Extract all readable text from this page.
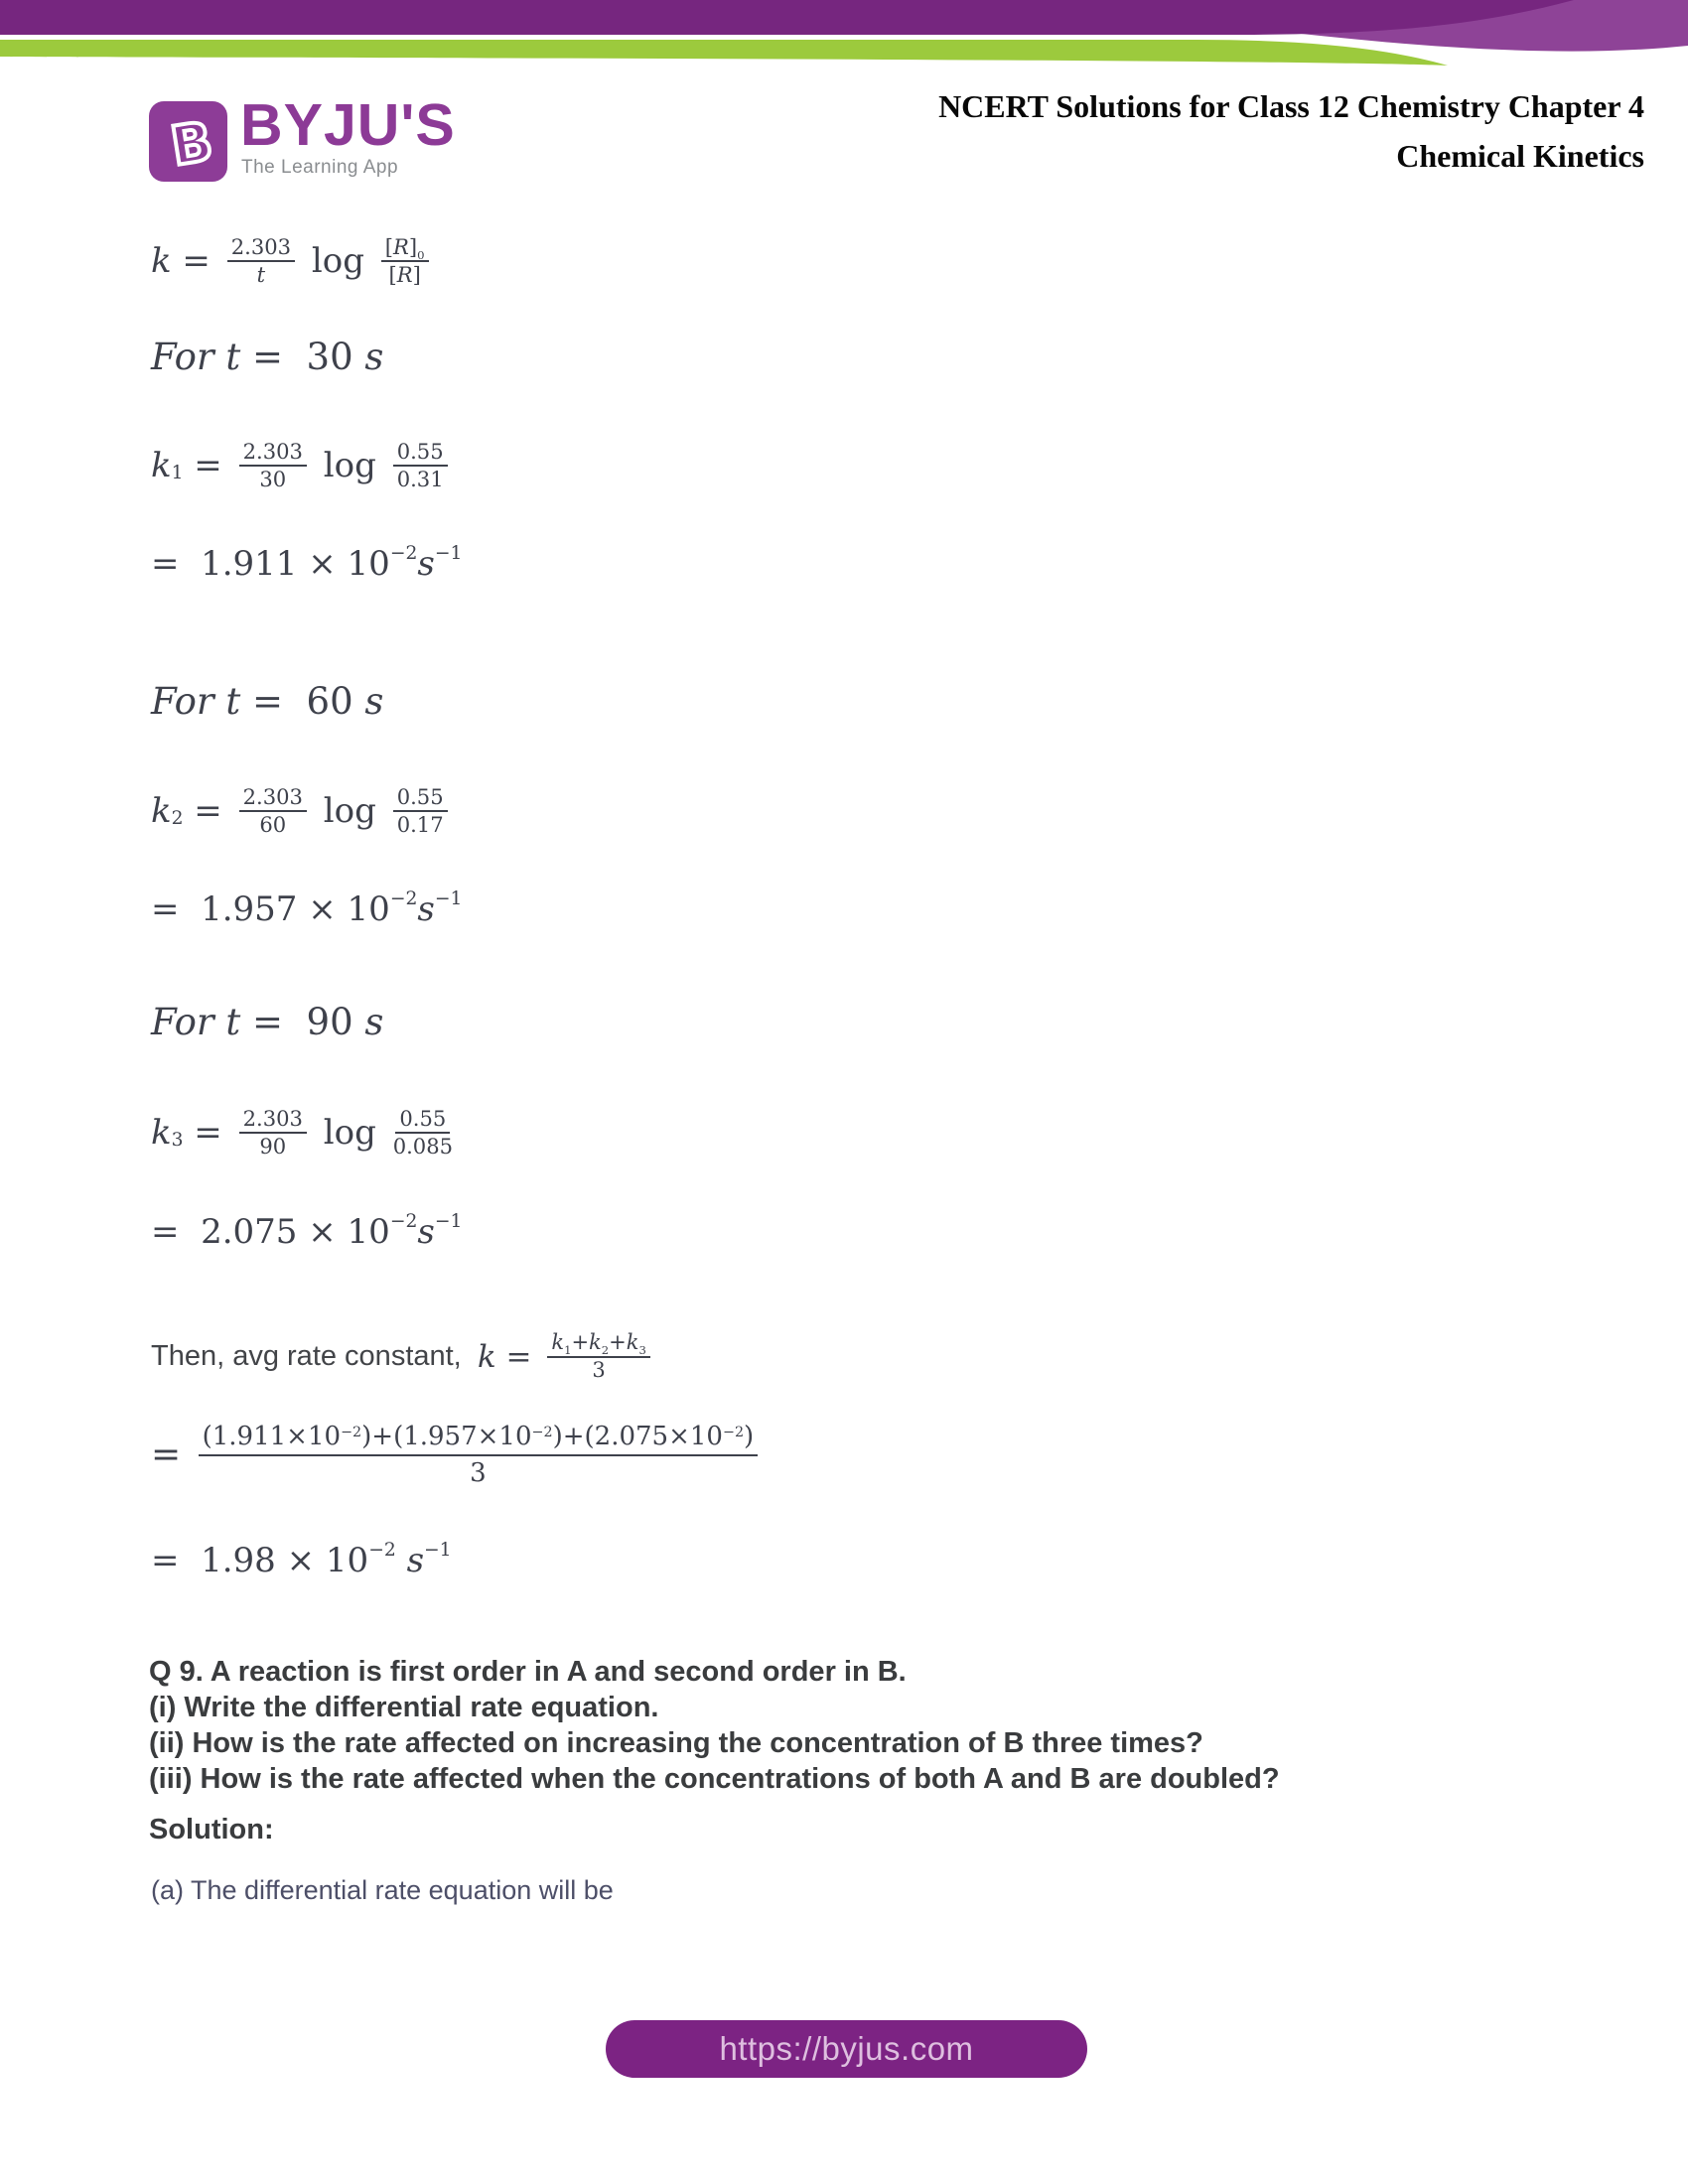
B BYJU'S
The Learning App
NCERT Solutions for Class 12 Chemistry Chapter 4
Chemical Kinetics
$k = \frac{2.303}{t}$ $\log \frac{[R]_0}{[R]}$
For t = 30 s
k $1 = \frac{2.303}{30}$ $\log \frac{0.55}{0.31}$
=  1.911 × 10 −2 s −1
For t = 60 s
k $2 = \frac{2.303}{60}$ $\log \frac{0.55}{0.17}$
=  1.957 × 10 −2 s −1
For t = 90 s
k $3 = \frac{2.303}{90}$ $\log \frac{0.55}{0.085}$
=  2.075 × 10 −2 s −1
Then, avg rate constant, $k = \frac{k_1+k_2+k_3}{3}$
= $\frac{(1.911\times 10^{-2})+(1.957\times 10^{-2})+(2.075\times 10^{-2})}{3}$
=  1.98 × 10 −2
s −1
Q 9. A reaction is first order in A and second order in B.
(i) Write the differential rate equation.
(ii) How is the rate affected on increasing the concentration of B three times?
(iii) How is the rate affected when the concentrations of both A and B are doubled?
Solution:
(a) The differential rate equation will be
https://byjus.com
